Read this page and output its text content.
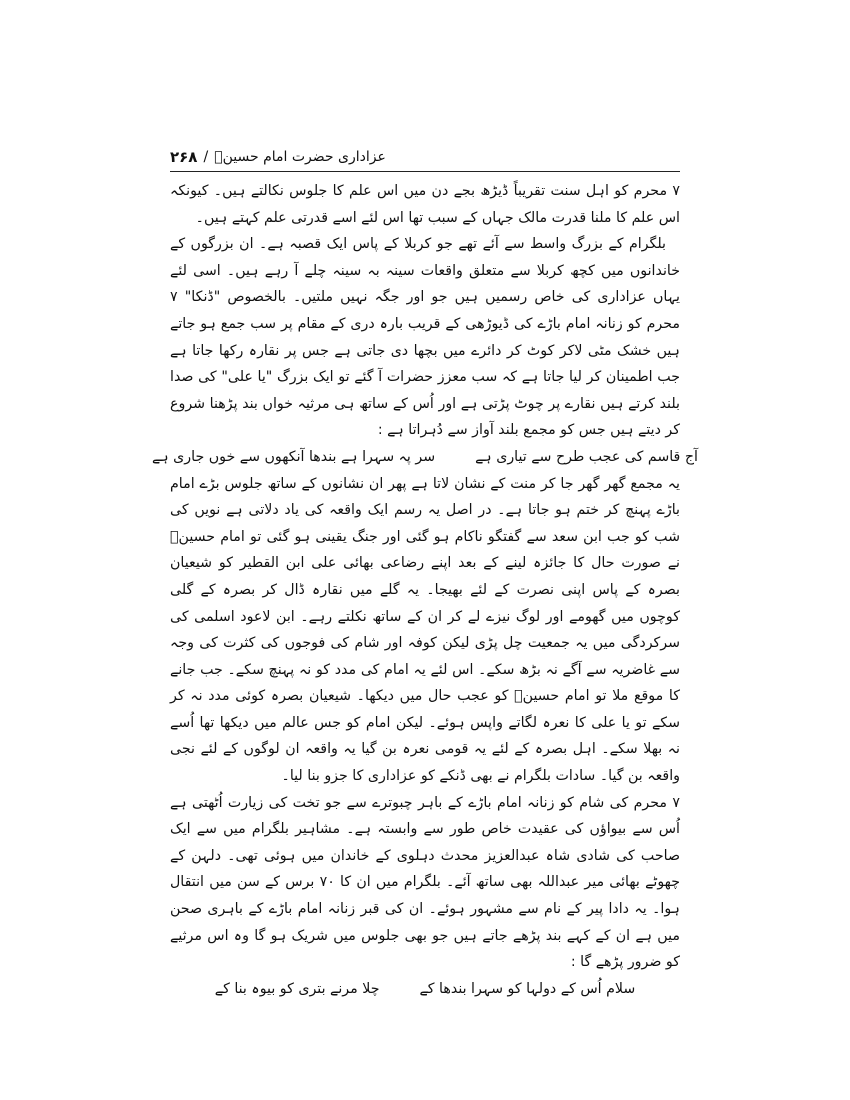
۲۶۸ / عزاداری حضرت امام حسینؑ

۷ محرم کو اہل سنت تقریباً ڈیڑھ بجے دن میں اس علم کا جلوس نکالتے ہیں۔ کیونکہ اس علم کا ملنا قدرت مالک جہاں کے سبب تھا اس لئے اسے قدرتی علم کہتے ہیں۔

بلگرام کے بزرگ واسط سے آئے تھے جو کربلا کے پاس ایک قصبہ ہے۔ ان بزرگوں کے خاندانوں میں کچھ کربلا سے متعلق واقعات سینہ بہ سینہ چلے آ رہے ہیں۔ اسی لئے یہاں عزاداری کی خاص رسمیں ہیں جو اور جگہ نہیں ملتیں۔ بالخصوص "ڈنکا" ۷ محرم کو زنانہ امام باڑے کی ڈیوڑھی کے قریب بارہ دری کے مقام پر سب جمع ہو جاتے ہیں خشک مٹی لاکر کوٹ کر دائرے میں بچھا دی جاتی ہے جس پر نقارہ رکھا جاتا ہے جب اطمینان کر لیا جاتا ہے کہ سب معزز حضرات آ گئے تو ایک بزرگ "یا علی" کی صدا بلند کرتے ہیں نقارے پر چوٹ پڑتی ہے اور اُس کے ساتھ ہی مرثیہ خواں بند پڑھنا شروع کر دیتے ہیں جس کو مجمع بلند آواز سے دُہراتا ہے :

آج قاسم کی عجب طرح سے تیاری ہے
سر پہ سہرا ہے بندھا آنکھوں سے خوں جاری ہے

یہ مجمع گھر گھر جا کر منت کے نشان لاتا ہے پھر ان نشانوں کے ساتھ جلوس بڑے امام باڑے پہنچ کر ختم ہو جاتا ہے۔ در اصل یہ رسم ایک واقعہ کی یاد دلاتی ہے نویں کی شب کو جب ابن سعد سے گفتگو ناکام ہو گئی اور جنگ یقینی ہو گئی تو امام حسینؑ نے صورت حال کا جائزہ لینے کے بعد اپنے رضاعی بھائی علی ابن القطیر کو شیعیان بصرہ کے پاس اپنی نصرت کے لئے بھیجا۔ یہ گلے میں نقارہ ڈال کر بصرہ کے گلی کوچوں میں گھومے اور لوگ نیزے لے کر ان کے ساتھ نکلتے رہے۔ ابن لاعود اسلمی کی سرکردگی میں یہ جمعیت چل پڑی لیکن کوفہ اور شام کی فوجوں کی کثرت کی وجہ سے غاضریہ سے آگے نہ بڑھ سکے۔ اس لئے یہ امام کی مدد کو نہ پہنچ سکے۔ جب جانے کا موقع ملا تو امام حسینؑ کو عجب حال میں دیکھا۔ شیعیان بصرہ کوئی مدد نہ کر سکے تو یا علی کا نعرہ لگاتے واپس ہوئے۔ لیکن امام کو جس عالم میں دیکھا تھا اُسے نہ بھلا سکے۔ اہل بصرہ کے لئے یہ قومی نعرہ بن گیا یہ واقعہ ان لوگوں کے لئے نجی واقعہ بن گیا۔ سادات بلگرام نے بھی ڈنکے کو عزاداری کا جزو بنا لیا۔

۷ محرم کی شام کو زنانہ امام باڑے کے باہر چبوترے سے جو تخت کی زیارت اُٹھتی ہے اُس سے بیواؤں کی عقیدت خاص طور سے وابستہ ہے۔ مشاہیر بلگرام میں سے ایک صاحب کی شادی شاہ عبدالعزیز محدث دہلوی کے خاندان میں ہوئی تھی۔ دلہن کے چھوٹے بھائی میر عبداللہ بھی ساتھ آئے۔ بلگرام میں ان کا ۷۰ برس کے سن میں انتقال ہوا۔ یہ دادا پیر کے نام سے مشہور ہوئے۔ ان کی قبر زنانہ امام باڑے کے باہری صحن میں ہے ان کے کہے بند پڑھے جاتے ہیں جو بھی جلوس میں شریک ہو گا وہ اس مرثیے کو ضرور پڑھے گا :

سلام اُس کے دولہا کو سہرا بندھا کے
چلا مرنے بتری کو بیوہ بنا کے
